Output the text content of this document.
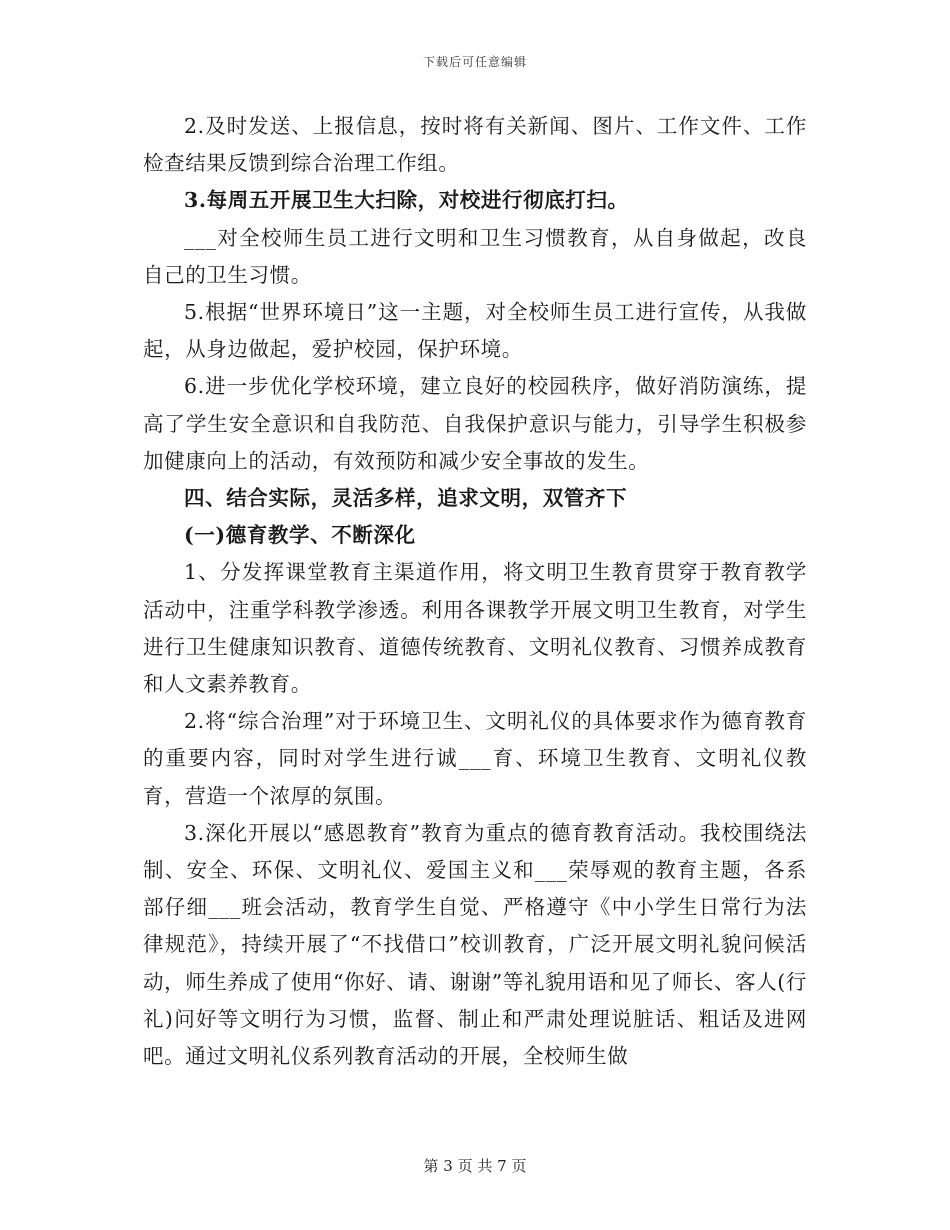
下载后可任意编辑

2.及时发送、上报信息，按时将有关新闻、图片、工作文件、工作检查结果反馈到综合治理工作组。

3.每周五开展卫生大扫除，对校进行彻底打扫。

___对全校师生员工进行文明和卫生习惯教育，从自身做起，改良自己的卫生习惯。

5.根据“世界环境日”这一主题，对全校师生员工进行宣传，从我做起，从身边做起，爱护校园，保护环境。

6.进一步优化学校环境，建立良好的校园秩序，做好消防演练，提高了学生安全意识和自我防范、自我保护意识与能力，引导学生积极参加健康向上的活动，有效预防和减少安全事故的发生。

四、结合实际，灵活多样，追求文明，双管齐下

(一)德育教学、不断深化

1、分发挥课堂教育主渠道作用，将文明卫生教育贯穿于教育教学活动中，注重学科教学渗透。利用各课教学开展文明卫生教育，对学生进行卫生健康知识教育、道德传统教育、文明礼仪教育、习惯养成教育和人文素养教育。

2.将“综合治理”对于环境卫生、文明礼仪的具体要求作为德育教育的重要内容，同时对学生进行诚___育、环境卫生教育、文明礼仪教育，营造一个浓厚的氛围。

3.深化开展以“感恩教育”教育为重点的德育教育活动。我校围绕法制、安全、环保、文明礼仪、爱国主义和___荣辱观的教育主题，各系部仔细___班会活动，教育学生自觉、严格遵守《中小学生日常行为法律规范》，持续开展了“不找借口”校训教育，广泛开展文明礼貌问候活动，师生养成了使用“你好、请、谢谢”等礼貌用语和见了师长、客人(行礼)问好等文明行为习惯，监督、制止和严肃处理说脏话、粗话及进网吧。通过文明礼仪系列教育活动的开展，全校师生做

第 3 页 共 7 页
